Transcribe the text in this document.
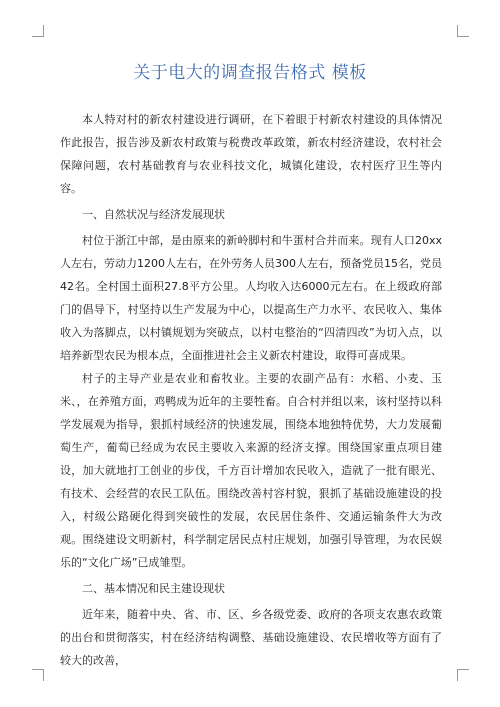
关于电大的调查报告格式 模板

本人特对村的新农村建设进行调研，在下着眼于村新农村建设的具体情况作此报告，报告涉及新农村政策与税费改革政策，新农村经济建设，农村社会保障问题，农村基础教育与农业科技文化，城镇化建设，农村医疗卫生等内容。

一、自然状况与经济发展现状

村位于浙江中部，是由原来的新岭脚村和牛蛋村合并而来。现有人口20xx人左右，劳动力1200人左右，在外劳务人员300人左右，预备党员15名，党员42名。全村国土面积27.8平方公里。人均收入达6000元左右。在上级政府部门的倡导下，村坚持以生产发展为中心，以提高生产力水平、农民收入、集体收入为落脚点，以村镇规划为突破点，以村屯整治的“四清四改”为切入点，以培养新型农民为根本点，全面推进社会主义新农村建设，取得可喜成果。

村子的主导产业是农业和畜牧业。主要的农副产品有：水稻、小麦、玉米、，在养殖方面，鸡鸭成为近年的主要牲畜。自合村并组以来，该村坚持以科学发展观为指导，狠抓村域经济的快速发展，围绕本地独特优势，大力发展葡萄生产，葡萄已经成为农民主要收入来源的经济支撑。围绕国家重点项目建设，加大就地打工创业的步伐，千方百计增加农民收入，造就了一批有眼光、有技术、会经营的农民工队伍。围绕改善村容村貌，狠抓了基础设施建设的投入，村级公路硬化得到突破性的发展，农民居住条件、交通运输条件大为改观。围绕建设文明新村，科学制定居民点村庄规划，加强引导管理，为农民娱乐的“文化广场”已成雏型。

二、基本情况和民主建设现状

近年来，随着中央、省、市、区、乡各级党委、政府的各项支农惠农政策的出台和贯彻落实，村在经济结构调整、基础设施建设、农民增收等方面有了较大的改善，
